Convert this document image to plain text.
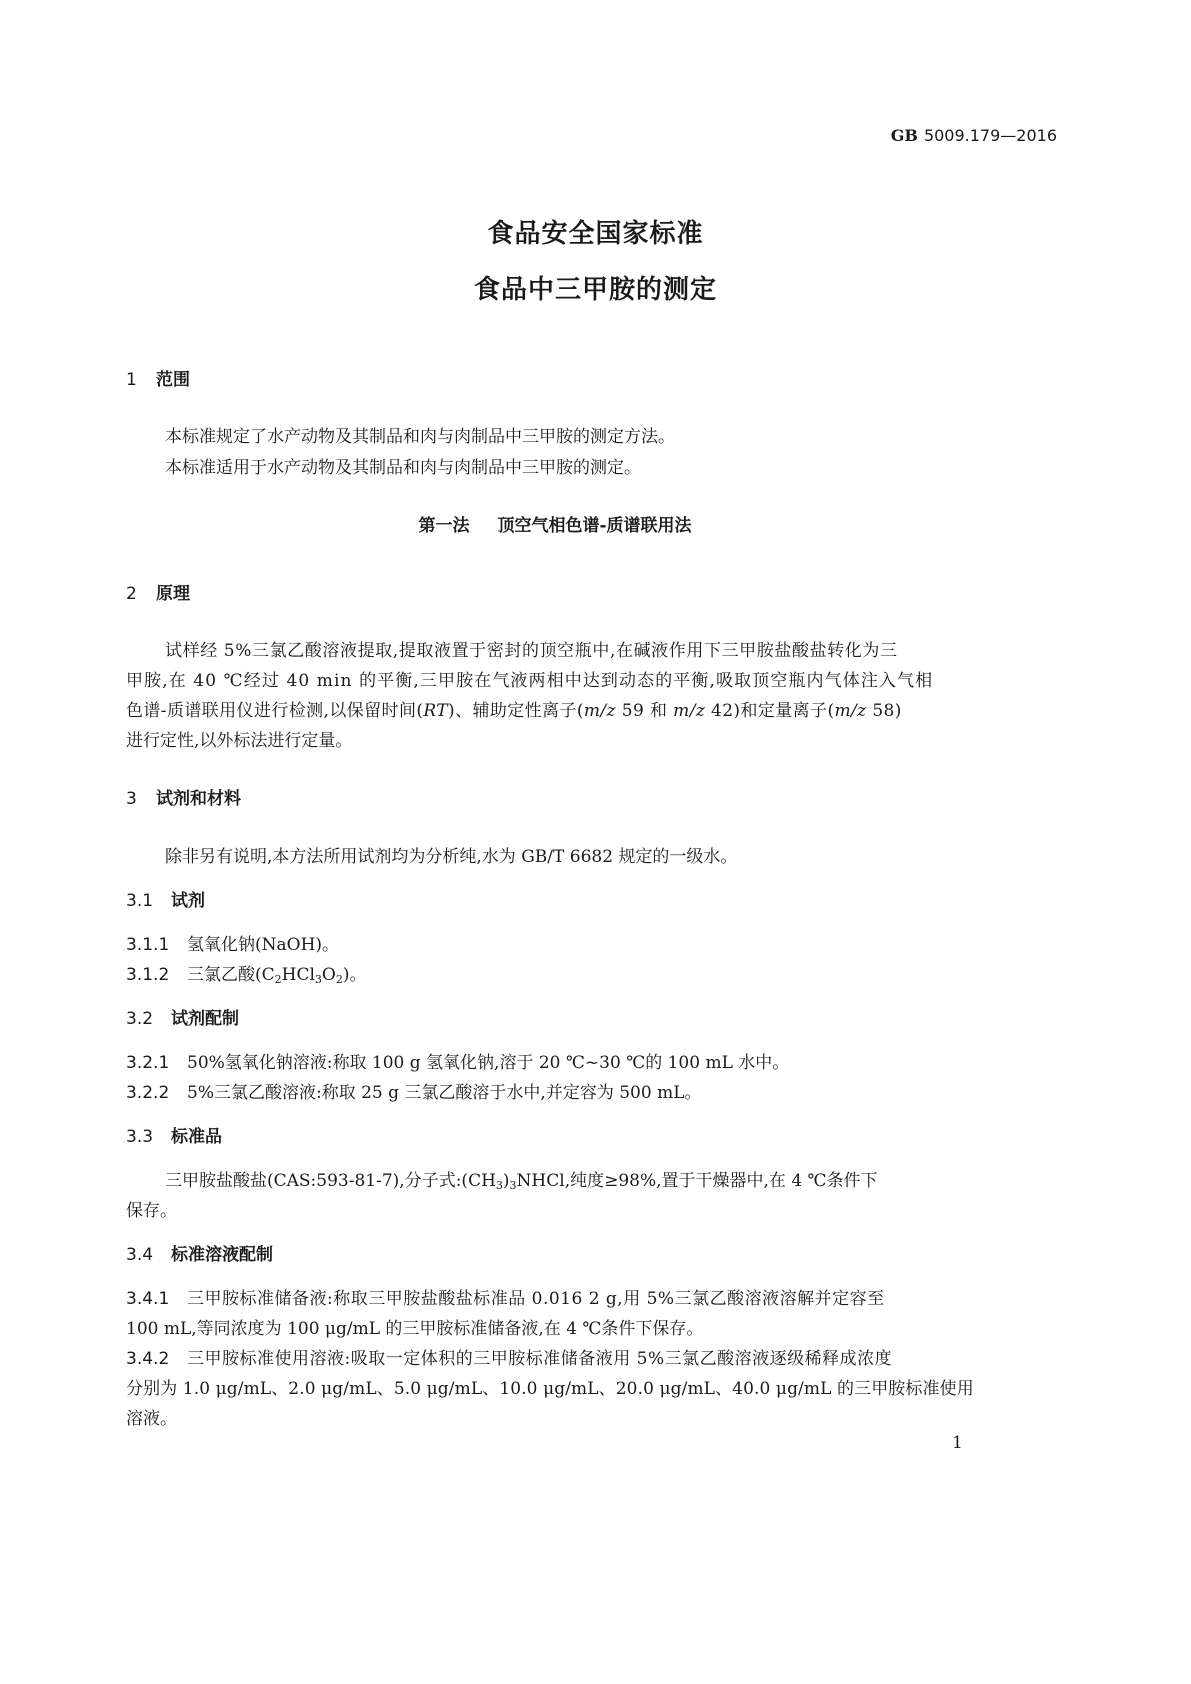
GB 5009.179—2016
食品安全国家标准
食品中三甲胺的测定
1 范围
本标准规定了水产动物及其制品和肉与肉制品中三甲胺的测定方法。
本标准适用于水产动物及其制品和肉与肉制品中三甲胺的测定。
第一法 顶空气相色谱-质谱联用法
2 原理
试样经 5%三氯乙酸溶液提取,提取液置于密封的顶空瓶中,在碱液作用下三甲胺盐酸盐转化为三
甲胺,在 40 ℃经过 40 min 的平衡,三甲胺在气液两相中达到动态的平衡,吸取顶空瓶内气体注入气相
色谱-质谱联用仪进行检测,以保留时间(RT)、辅助定性离子(m/z 59 和 m/z 42)和定量离子(m/z 58)
进行定性,以外标法进行定量。
3 试剂和材料
除非另有说明,本方法所用试剂均为分析纯,水为 GB/T 6682 规定的一级水。
3.1 试剂
3.1.1 氢氧化钠(NaOH)。
3.1.2 三氯乙酸$(C_2HCl_3O_2)$。
3.2 试剂配制
3.2.1 50%氢氧化钠溶液:称取 100 g 氢氧化钠,溶于 20 ℃~30 ℃的 100 mL 水中。
3.2.2 5%三氯乙酸溶液:称取 25 g 三氯乙酸溶于水中,并定容为 500 mL。
3.3 标准品
三甲胺盐酸盐(CAS:593-81-7),分子式$:(CH_3)_3NHCl$,纯度≥98%,置于干燥器中,在 4 ℃条件下
保存。
3.4 标准溶液配制
3.4.1 三甲胺标准储备液:称取三甲胺盐酸盐标准品 0.016 2 g,用 5%三氯乙酸溶液溶解并定容至
100 mL,等同浓度为 100 μg/mL 的三甲胺标准储备液,在 4 ℃条件下保存。
3.4.2 三甲胺标准使用溶液:吸取一定体积的三甲胺标准储备液用 5%三氯乙酸溶液逐级稀释成浓度
分别为 1.0 μg/mL、2.0 μg/mL、5.0 μg/mL、10.0 μg/mL、20.0 μg/mL、40.0 μg/mL 的三甲胺标准使用
溶液。
1
